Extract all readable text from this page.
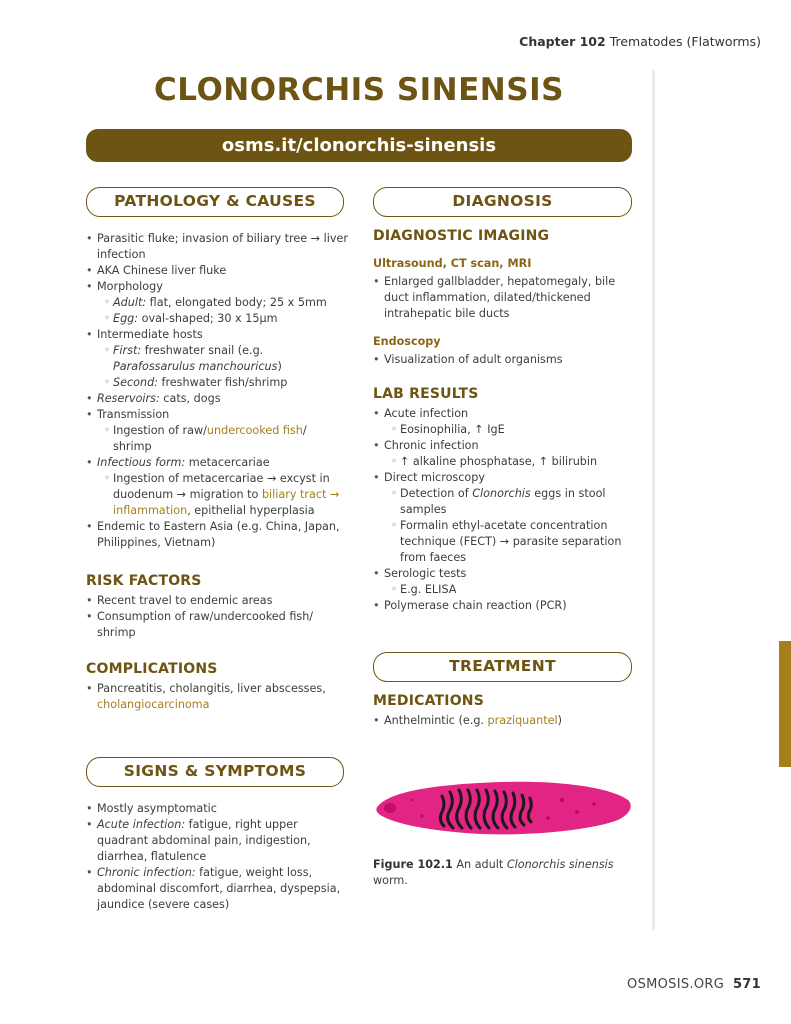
Chapter 102 Trematodes (Flatworms)
CLONORCHIS SINENSIS
osms.it/clonorchis-sinensis
PATHOLOGY & CAUSES
• Parasitic fluke; invasion of biliary tree → liver infection
• AKA Chinese liver fluke
• Morphology
◦ Adult: flat, elongated body; 25 x 5mm
◦ Egg: oval-shaped; 30 x 15μm
• Intermediate hosts
◦ First: freshwater snail (e.g. Parafossarulus manchouricus)
◦ Second: freshwater fish/shrimp
• Reservoirs: cats, dogs
• Transmission
◦ Ingestion of raw/undercooked fish/ shrimp
• Infectious form: metacercariae
◦ Ingestion of metacercariae → excyst in duodenum → migration to biliary tract → inflammation, epithelial hyperplasia
• Endemic to Eastern Asia (e.g. China, Japan, Philippines, Vietnam)
RISK FACTORS
• Recent travel to endemic areas
• Consumption of raw/undercooked fish/ shrimp
COMPLICATIONS
• Pancreatitis, cholangitis, liver abscesses, cholangiocarcinoma
SIGNS & SYMPTOMS
• Mostly asymptomatic
• Acute infection: fatigue, right upper quadrant abdominal pain, indigestion, diarrhea, flatulence
• Chronic infection: fatigue, weight loss, abdominal discomfort, diarrhea, dyspepsia, jaundice (severe cases)
DIAGNOSIS
DIAGNOSTIC IMAGING
Ultrasound, CT scan, MRI
• Enlarged gallbladder, hepatomegaly, bile duct inflammation, dilated/thickened intrahepatic bile ducts
Endoscopy
• Visualization of adult organisms
LAB RESULTS
• Acute infection
◦ Eosinophilia, ↑ IgE
• Chronic infection
◦ ↑ alkaline phosphatase, ↑ bilirubin
• Direct microscopy
◦ Detection of Clonorchis eggs in stool samples
◦ Formalin ethyl-acetate concentration technique (FECT) → parasite separation from faeces
• Serologic tests
◦ E.g. ELISA
• Polymerase chain reaction (PCR)
TREATMENT
MEDICATIONS
• Anthelmintic (e.g. praziquantel)
Figure 102.1 An adult Clonorchis sinensis worm.
OSMOSIS.ORG 571
